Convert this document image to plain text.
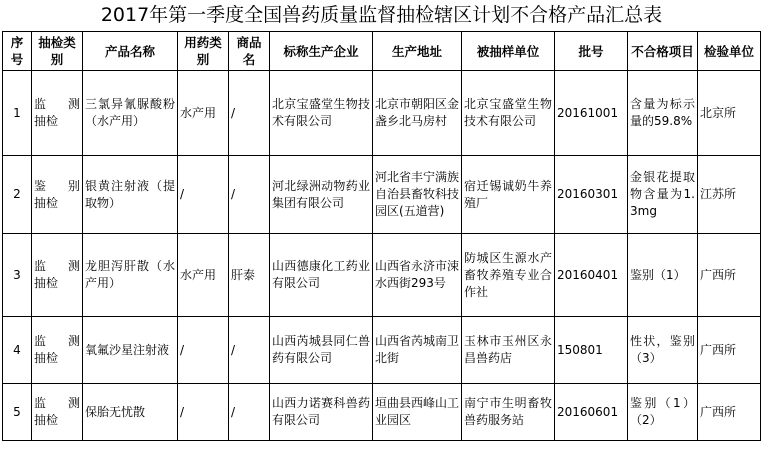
2017年第一季度全国兽药质量监督抽检辖区计划不合格产品汇总表
序号	抽检类别	产品名称	用药类别	商品名	标称生产企业	生产地址	被抽样单位	批号	不合格项目	检验单位
1	监　测抽检	三氯异氰脲酸粉（水产用）	水产用	/	北京宝盛堂生物技术有限公司	北京市朝阳区金盏乡北马房村	北京宝盛堂生物技术有限公司	20161001	含量为标示量的59.8%	北京所
2	鉴　别抽检	银黄注射液（提取物）	/	/	河北绿洲动物药业集团有限公司	河北省丰宁满族自治县畜牧科技园区(五道营)	宿迁锡诚奶牛养殖厂	20160301	金银花提取物含量为1.3mg	江苏所
3	监　测抽检	龙胆泻肝散（水产用）	水产用	肝泰	山西德康化工药业有限公司	山西省永济市涑水西街293号	防城区生源水产畜牧养殖专业合作社	20160401	鉴别（1）	广西所
4	监　测抽检	氧氟沙星注射液	/	/	山西芮城县同仁兽药有限公司	山西省芮城南卫北街	玉林市玉州区永昌兽药店	150801	性状，鉴别（3）	广西所
5	监　测抽检	保胎无忧散	/	/	山西力诺赛科兽药有限公司	垣曲县西峰山工业园区	南宁市生明畜牧兽药服务站	20160601	鉴别（1）（2）	广西所
